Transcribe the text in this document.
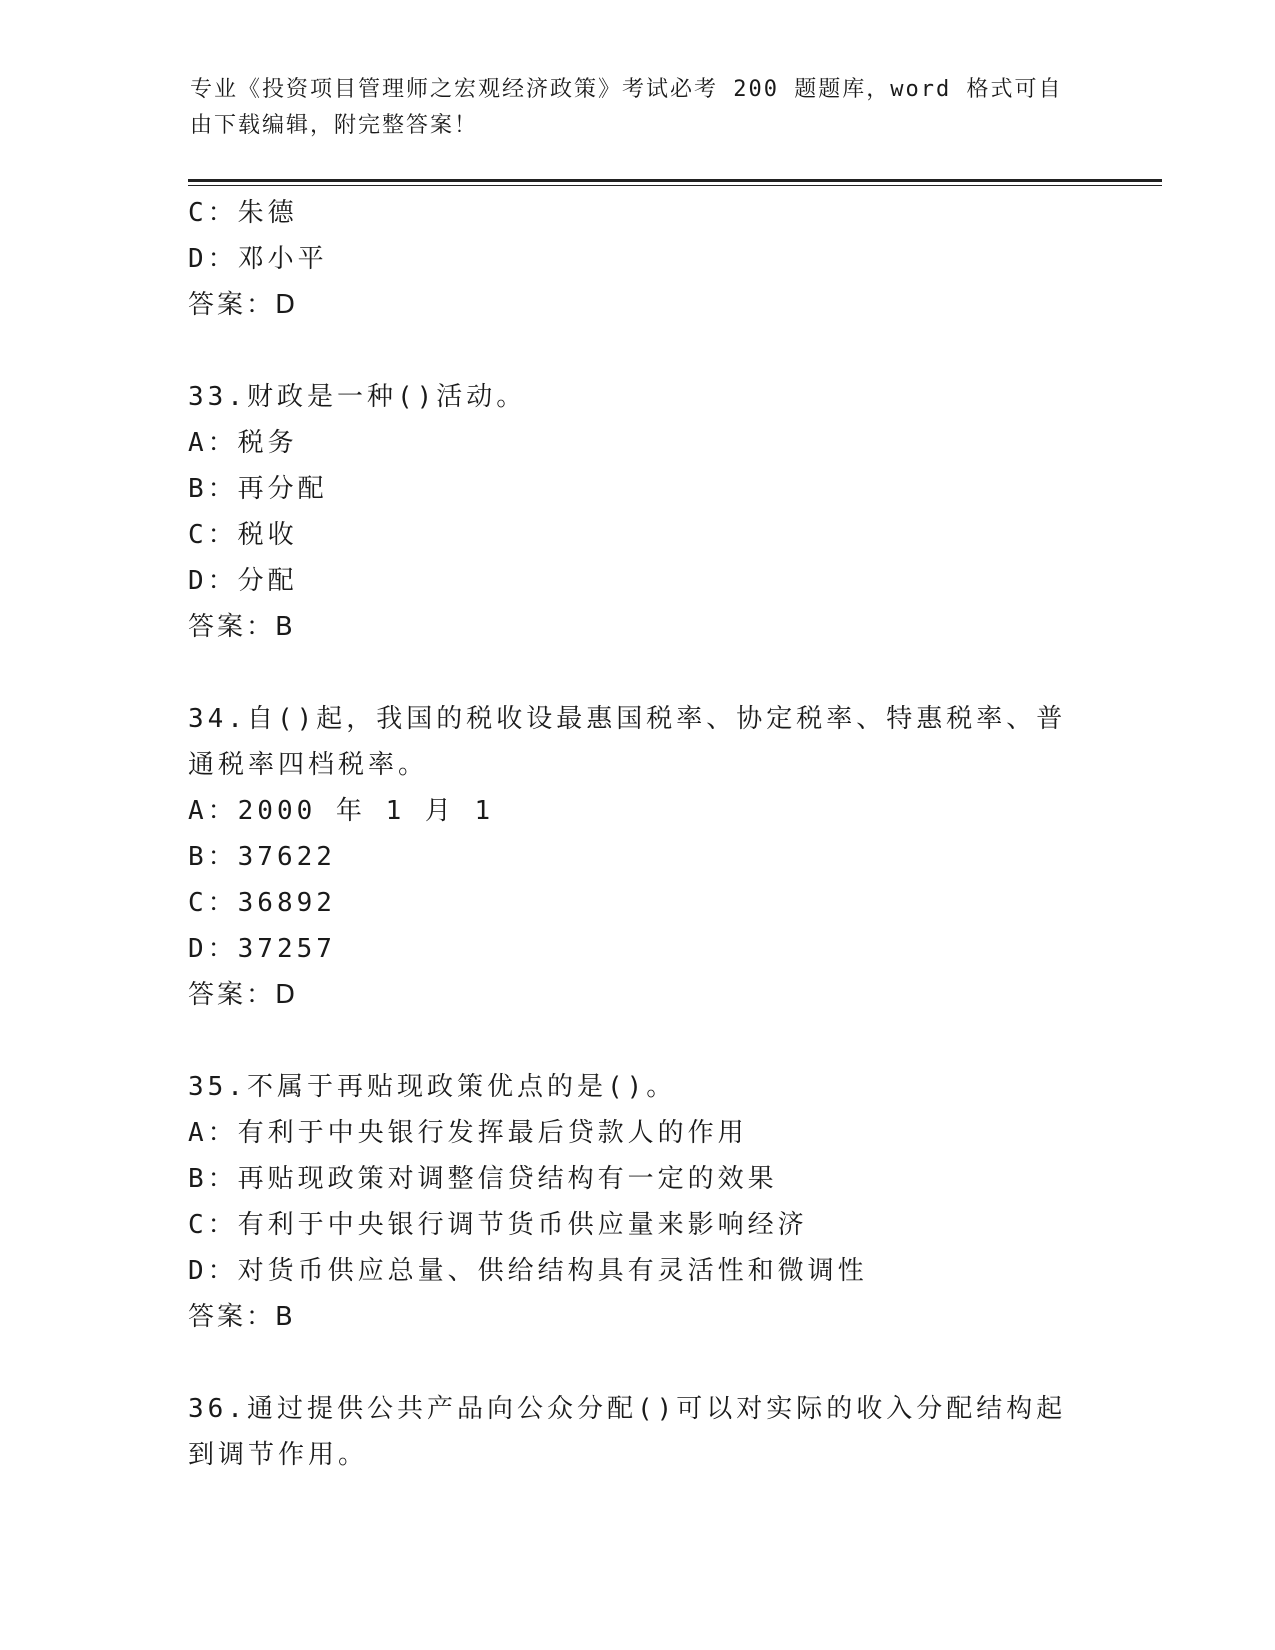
专业《投资项目管理师之宏观经济政策》考试必考 200 题题库，word 格式可自由下载编辑，附完整答案！
C：朱德
D：邓小平
答案：D
33.财政是一种()活动。
A：税务
B：再分配
C：税收
D：分配
答案：B
34.自()起，我国的税收设最惠国税率、协定税率、特惠税率、普通税率四档税率。
A：2000 年 1 月 1
B：37622
C：36892
D：37257
答案：D
35.不属于再贴现政策优点的是()。
A：有利于中央银行发挥最后贷款人的作用
B：再贴现政策对调整信贷结构有一定的效果
C：有利于中央银行调节货币供应量来影响经济
D：对货币供应总量、供给结构具有灵活性和微调性
答案：B
36.通过提供公共产品向公众分配()可以对实际的收入分配结构起到调节作用。
